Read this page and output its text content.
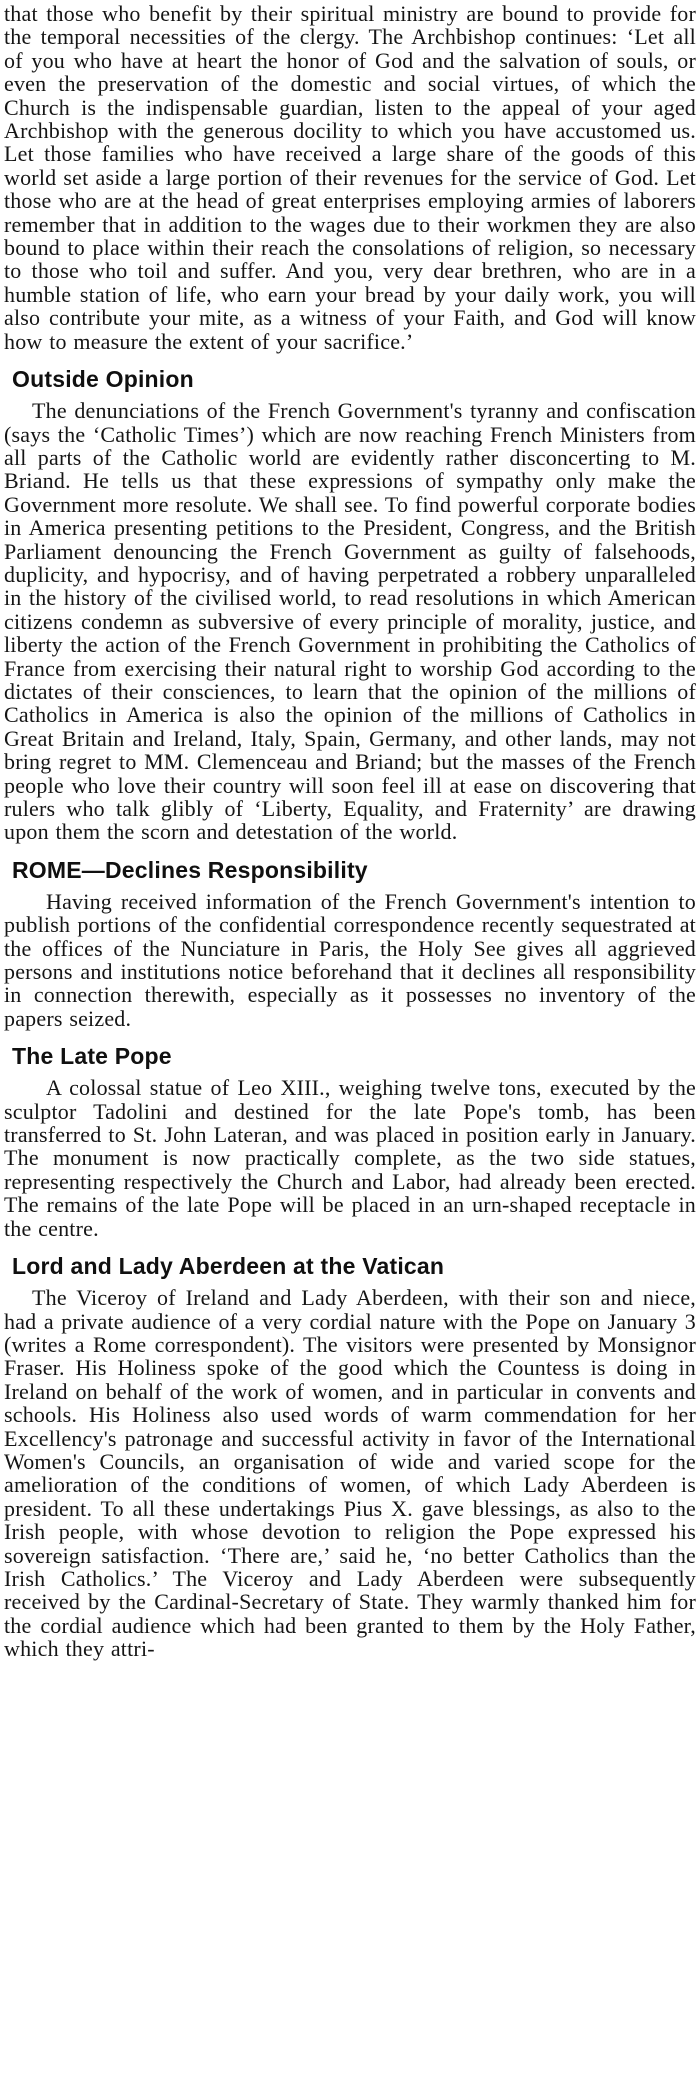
that those who benefit by their spiritual ministry are bound to provide for the temporal necessities of the clergy. The Archbishop continues: ‘Let all of you who have at heart the honor of God and the salvation of souls, or even the preservation of the domestic and social virtues, of which the Church is the indispensable guardian, listen to the appeal of your aged Archbishop with the generous docility to which you have accustomed us. Let those families who have received a large share of the goods of this world set aside a large portion of their revenues for the service of God. Let those who are at the head of great enterprises employing armies of laborers remember that in addition to the wages due to their workmen they are also bound to place within their reach the consolations of religion, so necessary to those who toil and suffer. And you, very dear brethren, who are in a humble station of life, who earn your bread by your daily work, you will also contribute your mite, as a witness of your Faith, and God will know how to measure the extent of your sacrifice.’

Outside Opinion

The denunciations of the French Government's tyranny and confiscation (says the ‘Catholic Times’) which are now reaching French Ministers from all parts of the Catholic world are evidently rather disconcerting to M. Briand. He tells us that these expressions of sympathy only make the Government more resolute. We shall see. To find powerful corporate bodies in America presenting petitions to the President, Congress, and the British Parliament denouncing the French Government as guilty of falsehoods, duplicity, and hypocrisy, and of having perpetrated a robbery unparalleled in the history of the civilised world, to read resolutions in which American citizens condemn as subversive of every principle of morality, justice, and liberty the action of the French Government in prohibiting the Catholics of France from exercising their natural right to worship God according to the dictates of their consciences, to learn that the opinion of the millions of Catholics in America is also the opinion of the millions of Catholics in Great Britain and Ireland, Italy, Spain, Germany, and other lands, may not bring regret to MM. Clemenceau and Briand; but the masses of the French people who love their country will soon feel ill at ease on discovering that rulers who talk glibly of ‘Liberty, Equality, and Fraternity’ are drawing upon them the scorn and detestation of the world.

ROME—Declines Responsibility

Having received information of the French Government's intention to publish portions of the confidential correspondence recently sequestrated at the offices of the Nunciature in Paris, the Holy See gives all aggrieved persons and institutions notice beforehand that it declines all responsibility in connection therewith, especially as it possesses no inventory of the papers seized.

The Late Pope

A colossal statue of Leo XIII., weighing twelve tons, executed by the sculptor Tadolini and destined for the late Pope's tomb, has been transferred to St. John Lateran, and was placed in position early in January. The monument is now practically complete, as the two side statues, representing respectively the Church and Labor, had already been erected. The remains of the late Pope will be placed in an urn-shaped receptacle in the centre.

Lord and Lady Aberdeen at the Vatican

The Viceroy of Ireland and Lady Aberdeen, with their son and niece, had a private audience of a very cordial nature with the Pope on January 3 (writes a Rome correspondent). The visitors were presented by Monsignor Fraser. His Holiness spoke of the good which the Countess is doing in Ireland on behalf of the work of women, and in particular in convents and schools. His Holiness also used words of warm commendation for her Excellency's patronage and successful activity in favor of the International Women's Councils, an organisation of wide and varied scope for the amelioration of the conditions of women, of which Lady Aberdeen is president. To all these undertakings Pius X. gave blessings, as also to the Irish people, with whose devotion to religion the Pope expressed his sovereign satisfaction. ‘There are,’ said he, ‘no better Catholics than the Irish Catholics.’ The Viceroy and Lady Aberdeen were subsequently received by the Cardinal-Secretary of State. They warmly thanked him for the cordial audience which had been granted to them by the Holy Father, which they attri-
